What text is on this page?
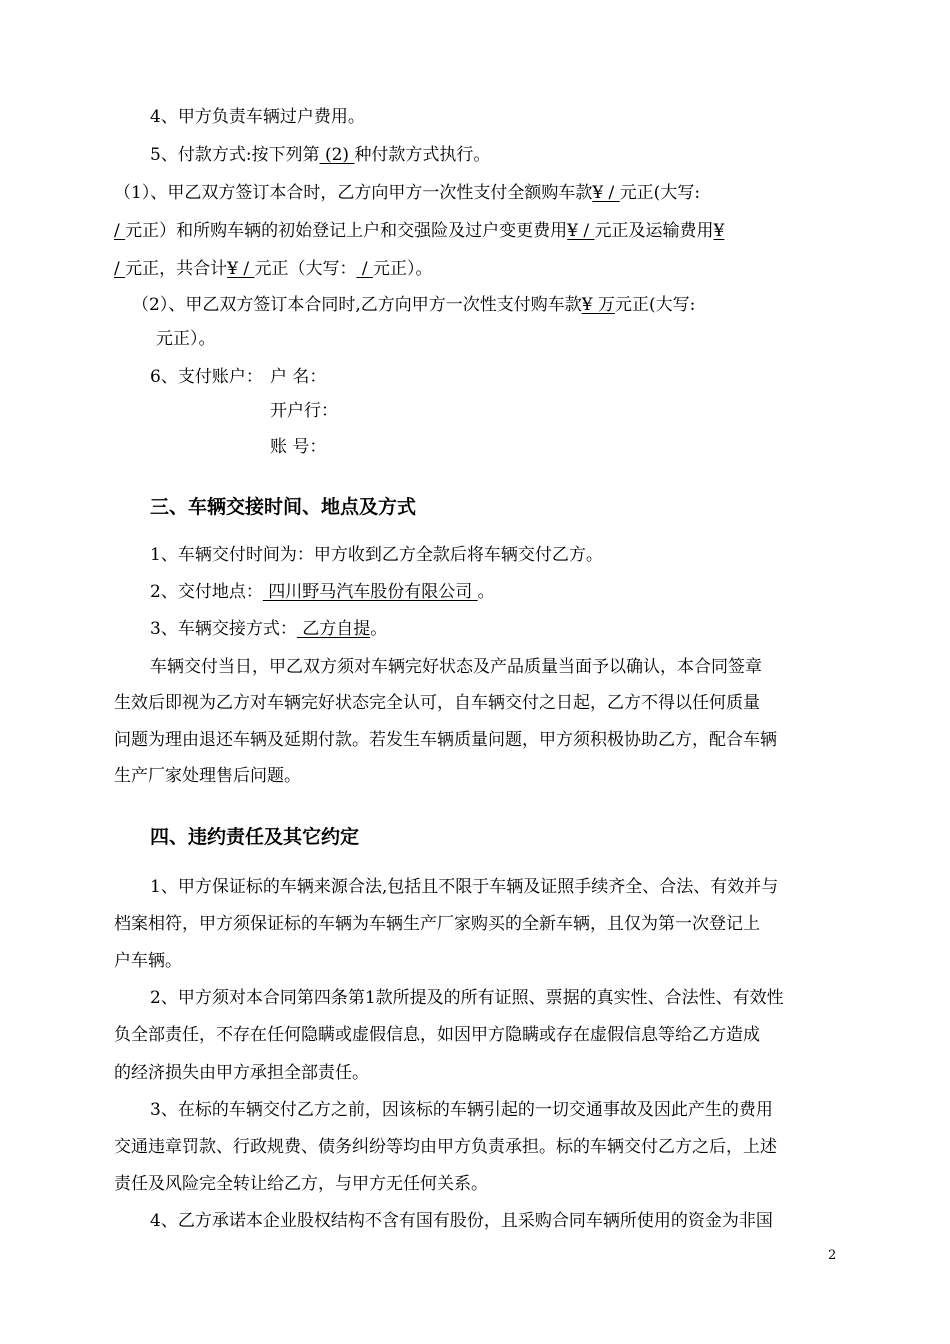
4、甲方负责车辆过户费用。
5、付款方式:按下列第 (2) 种付款方式执行。
（1）、甲乙双方签订本合时，乙方向甲方一次性支付全额购车款¥ / 元正(大写:
/ 元正）和所购车辆的初始登记上户和交强险及过户变更费用¥ / 元正及运输费用¥
/ 元正，共合计¥ / 元正（大写： / 元正）。
（2）、甲乙双方签订本合同时,乙方向甲方一次性支付购车款¥ 万元正(大写:
元正）。
6、支付账户： 户 名：
开户行：
账 号：
三、车辆交接时间、地点及方式
1、车辆交付时间为：甲方收到乙方全款后将车辆交付乙方。
2、交付地点： 四川野马汽车股份有限公司 。
3、车辆交接方式： 乙方自提。
车辆交付当日，甲乙双方须对车辆完好状态及产品质量当面予以确认，本合同签章
生效后即视为乙方对车辆完好状态完全认可，自车辆交付之日起，乙方不得以任何质量
问题为理由退还车辆及延期付款。若发生车辆质量问题，甲方须积极协助乙方，配合车辆
生产厂家处理售后问题。
四、违约责任及其它约定
1、甲方保证标的车辆来源合法,包括且不限于车辆及证照手续齐全、合法、有效并与
档案相符，甲方须保证标的车辆为车辆生产厂家购买的全新车辆，且仅为第一次登记上
户车辆。
2、甲方须对本合同第四条第1款所提及的所有证照、票据的真实性、合法性、有效性
负全部责任，不存在任何隐瞒或虚假信息，如因甲方隐瞒或存在虚假信息等给乙方造成
的经济损失由甲方承担全部责任。
3、在标的车辆交付乙方之前，因该标的车辆引起的一切交通事故及因此产生的费用
交通违章罚款、行政规费、债务纠纷等均由甲方负责承担。标的车辆交付乙方之后，上述
责任及风险完全转让给乙方，与甲方无任何关系。
4、乙方承诺本企业股权结构不含有国有股份，且采购合同车辆所使用的资金为非国
2
